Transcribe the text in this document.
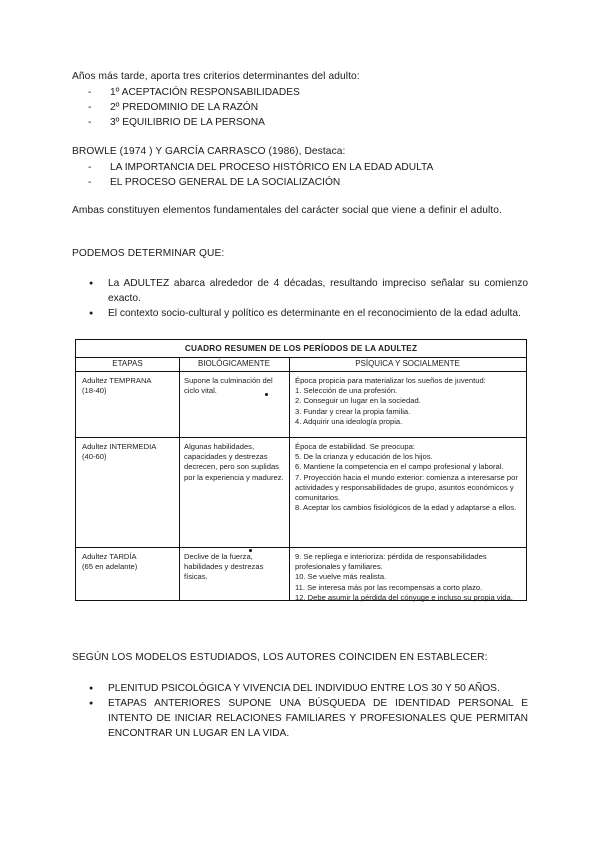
Años más tarde, aporta tres criterios determinantes del adulto:
- 1º ACEPTACIÓN RESPONSABILIDADES
- 2º PREDOMINIO DE LA RAZÓN
- 3º EQUILIBRIO DE LA PERSONA
BROWLE (1974 ) Y GARCÍA CARRASCO (1986), Destaca:
- LA IMPORTANCIA DEL PROCESO HISTÓRICO EN LA EDAD ADULTA
- EL PROCESO GENERAL DE LA SOCIALIZACIÓN
Ambas constituyen elementos fundamentales del carácter social que viene a definir el adulto.
PODEMOS DETERMINAR QUE:
● La ADULTEZ abarca alrededor de 4 décadas, resultando impreciso señalar su comienzo exacto.
● El contexto socio-cultural y político es determinante en el reconocimiento de la edad adulta.
CUADRO RESUMEN DE LOS PERÍODOS DE LA ADULTEZ
ETAPAS	BIOLÓGICAMENTE	PSÍQUICA Y SOCIALMENTE
Adultez TEMPRANA
(18-40)
Supone la culminación del ciclo vital.
Época propicia para materializar los sueños de juventud:
1. Selección de una profesión.
2. Conseguir un lugar en la sociedad.
3. Fundar y crear la propia familia.
4. Adquirir una ideología propia.
Adultez INTERMEDIA
(40-60)
Algunas habilidades, capacidades y destrezas decrecen, pero son suplidas por la experiencia y madurez.
Época de estabilidad. Se preocupa:
5. De la crianza y educación de los hijos.
6. Mantiene la competencia en el campo profesional y laboral.
7. Proyección hacia el mundo exterior: comienza a interesarse por actividades y responsabilidades de grupo, asuntos económicos y comunitarios.
8. Aceptar los cambios fisiológicos de la edad y adaptarse a ellos.
Adultez TARDÍA
(65 en adelante)
Declive de la fuerza, habilidades y destrezas físicas.
9. Se repliega e interioriza: pérdida de responsabilidades profesionales y familiares.
10. Se vuelve más realista.
11. Se interesa más por las recompensas a corto plazo.
12. Debe asumir la pérdida del cónyuge e incluso su propia vida.
SEGÚN LOS MODELOS ESTUDIADOS, LOS AUTORES COINCIDEN EN ESTABLECER:
● PLENITUD PSICOLÓGICA Y VIVENCIA DEL INDIVIDUO ENTRE LOS 30 Y 50 AÑOS.
● ETAPAS ANTERIORES SUPONE UNA BÚSQUEDA DE IDENTIDAD PERSONAL E INTENTO DE INICIAR RELACIONES FAMILIARES Y PROFESIONALES QUE PERMITAN ENCONTRAR UN LUGAR EN LA VIDA.
